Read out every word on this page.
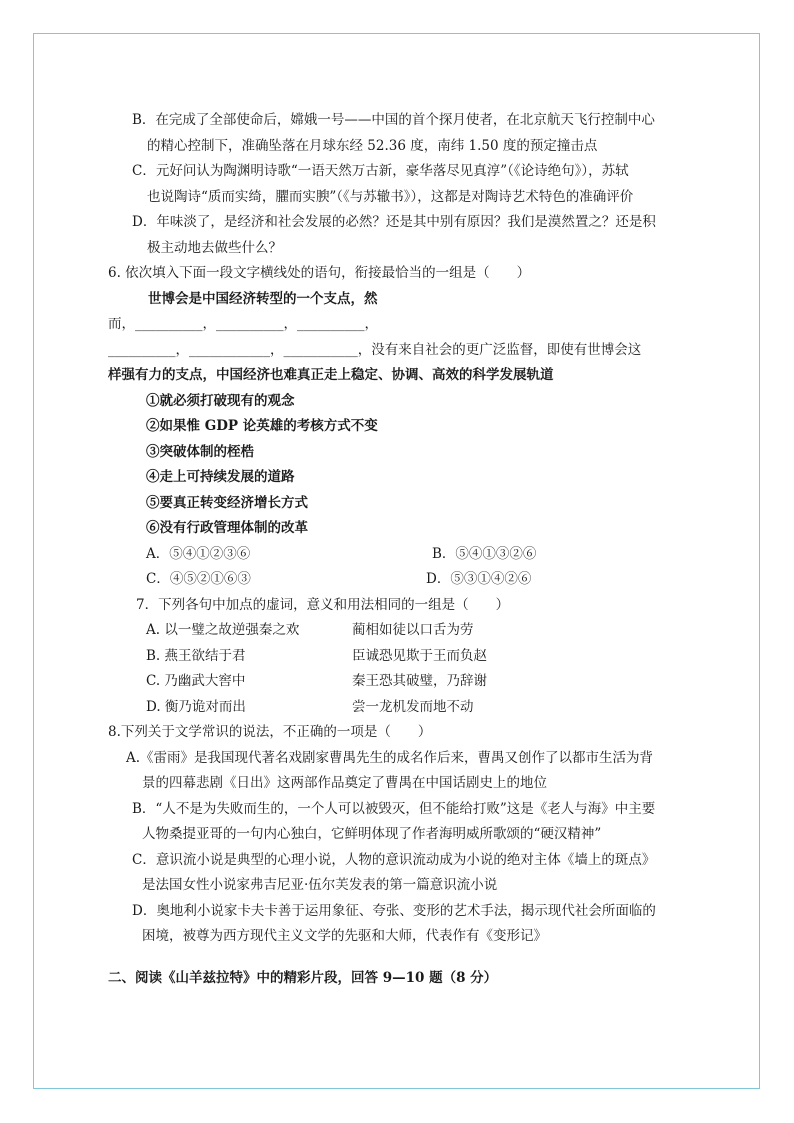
B．在完成了全部使命后，嫦娥一号——中国的首个探月使者，在北京航天飞行控制中心
的精心控制下，准确坠落在月球东经 52.36 度，南纬 1.50 度的预定撞击点
C．元好问认为陶渊明诗歌“一语天然万古新，豪华落尽见真淳”（《论诗绝句》），苏轼
也说陶诗“质而实绮，臞而实腴”（《与苏辙书》），这都是对陶诗艺术特色的准确评价
D．年味淡了，是经济和社会发展的必然？还是其中别有原因？我们是漠然置之？还是积
极主动地去做些什么？
6. 依次填入下面一段文字横线处的语句，衔接最恰当的一组是（　　）
世博会是中国经济转型的一个支点，然
而，__________，__________，__________，
__________，____________，___________，没有来自社会的更广泛监督，即使有世博会这
样强有力的支点，中国经济也难真正走上稳定、协调、高效的科学发展轨道
①就必须打破现有的观念
②如果惟 GDP 论英雄的考核方式不变
③突破体制的桎梏
④走上可持续发展的道路
⑤要真正转变经济增长方式
⑥没有行政管理体制的改革
A．⑤④①②③⑥	B．⑤④①③②⑥
C．④⑤②①⑥③	D．⑤③①④②⑥
7．下列各句中加点的虚词，意义和用法相同的一组是（　　）
A. 以一璧之故逆强秦之欢	蔺相如徒以口舌为劳
B. 燕王欲结于君	臣诚恐见欺于王而负赵
C. 乃幽武大窖中	秦王恐其破璧，乃辞谢
D. 衡乃诡对而出	尝一龙机发而地不动
8.下列关于文学常识的说法，不正确的一项是（　　）
A.《雷雨》是我国现代著名戏剧家曹禺先生的成名作后来，曹禺又创作了以都市生活为背
景的四幕悲剧《日出》这两部作品奠定了曹禺在中国话剧史上的地位
B．“人不是为失败而生的，一个人可以被毁灭，但不能给打败”这是《老人与海》中主要
人物桑提亚哥的一句内心独白，它鲜明体现了作者海明威所歌颂的“硬汉精神”
C．意识流小说是典型的心理小说，人物的意识流动成为小说的绝对主体《墙上的斑点》
是法国女性小说家弗吉尼亚·伍尔芙发表的第一篇意识流小说
D．奥地利小说家卡夫卡善于运用象征、夸张、变形的艺术手法，揭示现代社会所面临的
困境，被尊为西方现代主义文学的先驱和大师，代表作有《变形记》
二、阅读《山羊兹拉特》中的精彩片段，回答 9—10 题（8 分）
